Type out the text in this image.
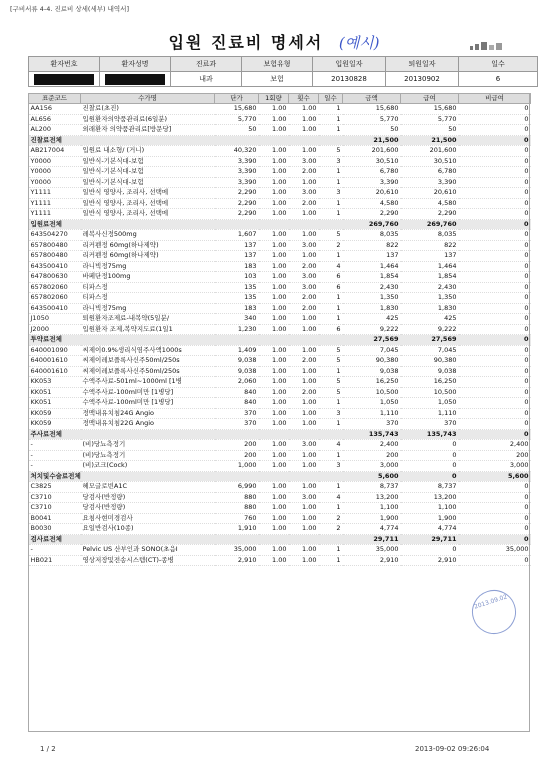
[구비서류 4-4. 진료비 상세(세부) 내역서]
입원 진료비 명세서 (예시)
환자번호	환자성명	진료과	보험유형	입원일자	퇴원일자	일수
		내과	보험	20130828	20130902	6
표준코드	수가명	단가	1회량	횟수	일수	금액	급여	비급여
AA156	진찰료(초진)	15,680	1.00	1.00	1	15,680	15,680	0
AL656	입원환자의약품관리료(6일분)	5,770	1.00	1.00	1	5,770	5,770	0
AL200	외래환자 의약품관리료[방문당]	50	1.00	1.00	1	50	50	0
진찰료전체						21,500	21,500	0
AB217004	입원료 내소형/ (거니)	40,320	1.00	1.00	5	201,600	201,600	0
Y0000	일반식-기본식대-보험	3,390	1.00	3.00	3	30,510	30,510	0
Y0000	일반식-기본식대-보험	3,390	1.00	2.00	1	6,780	6,780	0
Y0000	일반식-기본식대-보험	3,390	1.00	1.00	1	3,390	3,390	0
Y1111	일반식 영양사, 조리사, 선택메	2,290	1.00	3.00	3	20,610	20,610	0
Y1111	일반식 영양사, 조리사, 선택메	2,290	1.00	2.00	1	4,580	4,580	0
Y1111	일반식 영양사, 조리사, 선택메	2,290	1.00	1.00	1	2,290	2,290	0
입원료전체						269,760	269,760	0
643504270	레복사신정500mg	1,607	1.00	1.00	5	8,035	8,035	0
657800480	리커펜정 60mg(하나제약)	137	1.00	3.00	2	822	822	0
657800480	리커펜정 60mg(하나제약)	137	1.00	1.00	1	137	137	0
643500410	라니빅정75mg	183	1.00	2.00	4	1,464	1,464	0
647800630	바페단정100mg	103	1.00	3.00	6	1,854	1,854	0
657802060	티파스정	135	1.00	3.00	6	2,430	2,430	0
657802060	티파스정	135	1.00	2.00	1	1,350	1,350	0
643500410	라니빅정75mg	183	1.00	2.00	1	1,830	1,830	0
J1050	퇴원환자조제료-내복약(5일분/	340	1.00	1.00	1	425	425	0
J2000	입원환자 조제,복약지도료(1일1	1,230	1.00	1.00	6	9,222	9,222	0
투약료전체						27,569	27,569	0
640001090	씨제이0.9%생리식염주사액1000s	1,409	1.00	1.00	5	7,045	7,045	0
640001610	씨제이레보플록사신주50ml/250s	9,038	1.00	2.00	5	90,380	90,380	0
640001610	씨제이레보플록사신주50ml/250s	9,038	1.00	1.00	1	9,038	9,038	0
KK053	수액주사료-501ml~1000ml [1병	2,060	1.00	1.00	5	16,250	16,250	0
KK051	수액주사료-100ml미만 [1병당]	840	1.00	2.00	5	10,500	10,500	0
KK051	수액주사료-100ml미만 [1병당]	840	1.00	1.00	1	1,050	1,050	0
KK059	정맥내유치침24G Angio	370	1.00	1.00	3	1,110	1,110	0
KK059	정맥내유치침22G Angio	370	1.00	1.00	1	370	370	0
주사료전체						135,743	135,743	0
-	(비)당뇨측정기	200	1.00	3.00	4	2,400	0	2,400
-	(비)당뇨측정기	200	1.00	1.00	1	200	0	200
-	(비)코크(Cock)	1,000	1.00	1.00	3	3,000	0	3,000
처치및수술료전체						5,600	0	5,600
C3825	헤모글로빈A1C	6,990	1.00	1.00	1	8,737	8,737	0
C3710	당검사(반정량)	880	1.00	3.00	4	13,200	13,200	0
C3710	당검사(반정량)	880	1.00	1.00	1	1,100	1,100	0
B0041	요침사현미경검사	760	1.00	1.00	2	1,900	1,900	0
B0030	요일반검사(10종)	1,910	1.00	1.00	2	4,774	4,774	0
검사료전체						29,711	29,711	0
-	Pelvic US 산부인과 SONO(초음I	35,000	1.00	1.00	1	35,000	0	35,000
HB021	영상저장및전송시스템(CT)-종병	2,910	1.00	1.00	1	2,910	2,910	0
2013.09.02
1 / 2	2013-09-02 09:26:04
